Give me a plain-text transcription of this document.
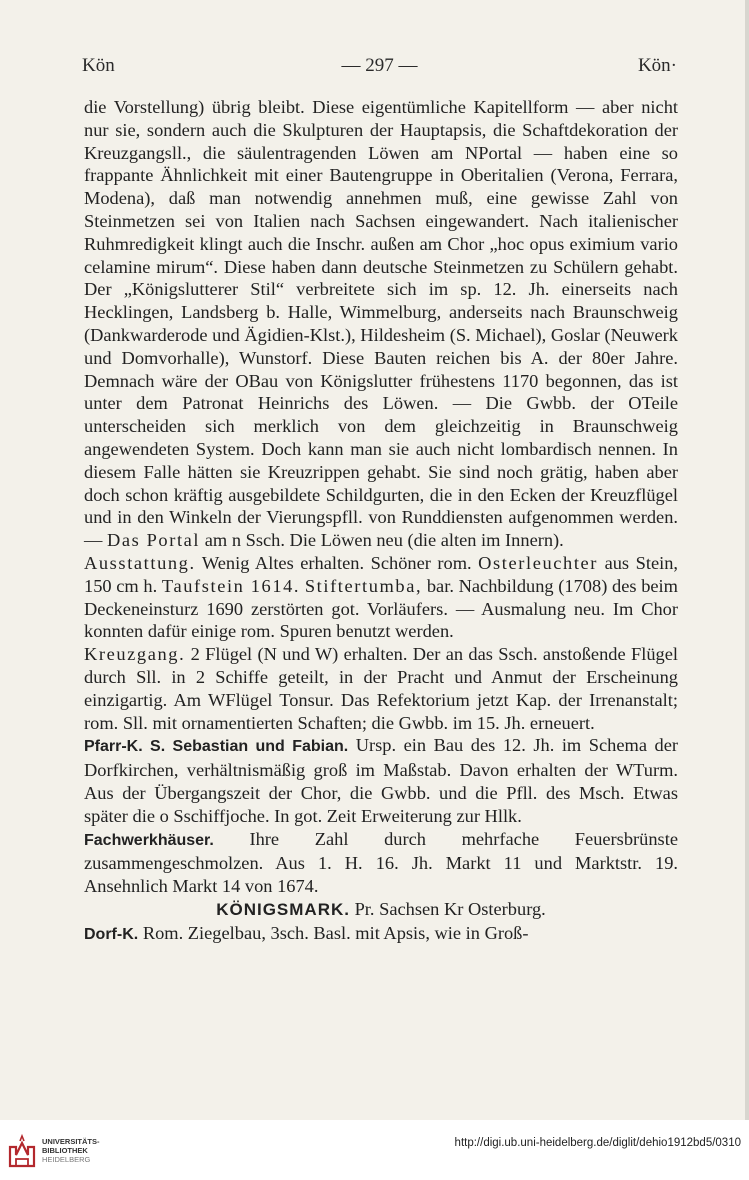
Kön	— 297 —	Kön·

die Vorstellung) übrig bleibt. Diese eigentümliche Kapitellform — aber nicht nur sie, sondern auch die Skulpturen der Hauptapsis, die Schaftdekoration der Kreuzgangsll., die säulentragenden Löwen am NPortal — haben eine so frappante Ähnlichkeit mit einer Bautengruppe in Oberitalien (Verona, Ferrara, Modena), daß man notwendig annehmen muß, eine gewisse Zahl von Steinmetzen sei von Italien nach Sachsen eingewandert. Nach italienischer Ruhmredigkeit klingt auch die Inschr. außen am Chor „hoc opus eximium vario celamine mirum“. Diese haben dann deutsche Steinmetzen zu Schülern gehabt. Der „Königslutterer Stil“ verbreitete sich im sp. 12. Jh. einerseits nach Hecklingen, Landsberg b. Halle, Wimmelburg, anderseits nach Braunschweig (Dankwarderode und Ägidien-Klst.), Hildesheim (S. Michael), Goslar (Neuwerk und Domvorhalle), Wunstorf. Diese Bauten reichen bis A. der 80er Jahre. Demnach wäre der OBau von Königslutter frühestens 1170 begonnen, das ist unter dem Patronat Heinrichs des Löwen. — Die Gwbb. der OTeile unterscheiden sich merklich von dem gleichzeitig in Braunschweig angewendeten System. Doch kann man sie auch nicht lombardisch nennen. In diesem Falle hätten sie Kreuzrippen gehabt. Sie sind noch grätig, haben aber doch schon kräftig ausgebildete Schildgurten, die in den Ecken der Kreuzflügel und in den Winkeln der Vierungspfll. von Runddiensten aufgenommen werden. — Das Portal am n Ssch. Die Löwen neu (die alten im Innern).

Ausstattung. Wenig Altes erhalten. Schöner rom. Osterleuchter aus Stein, 150 cm h. Taufstein 1614. Stiftertumba, bar. Nachbildung (1708) des beim Deckeneinsturz 1690 zerstörten got. Vorläufers. — Ausmalung neu. Im Chor konnten dafür einige rom. Spuren benutzt werden.

Kreuzgang. 2 Flügel (N und W) erhalten. Der an das Ssch. anstoßende Flügel durch Sll. in 2 Schiffe geteilt, in der Pracht und Anmut der Erscheinung einzigartig. Am WFlügel Tonsur. Das Refektorium jetzt Kap. der Irrenanstalt; rom. Sll. mit ornamentierten Schaften; die Gwbb. im 15. Jh. erneuert.

Pfarr-K. S. Sebastian und Fabian. Ursp. ein Bau des 12. Jh. im Schema der Dorfkirchen, verhältnismäßig groß im Maßstab. Davon erhalten der WTurm. Aus der Übergangszeit der Chor, die Gwbb. und die Pfll. des Msch. Etwas später die o Sschiffjoche. In got. Zeit Erweiterung zur Hllk.

Fachwerkhäuser. Ihre Zahl durch mehrfache Feuersbrünste zusammengeschmolzen. Aus 1. H. 16. Jh. Markt 11 und Marktstr. 19. Ansehnlich Markt 14 von 1674.

KÖNIGSMARK. Pr. Sachsen Kr Osterburg.

Dorf-K. Rom. Ziegelbau, 3sch. Basl. mit Apsis, wie in Groß-

UNIVERSITÄTS-
BIBLIOTHEK
HEIDELBERG
http://digi.ub.uni-heidelberg.de/diglit/dehio1912bd5/0310
